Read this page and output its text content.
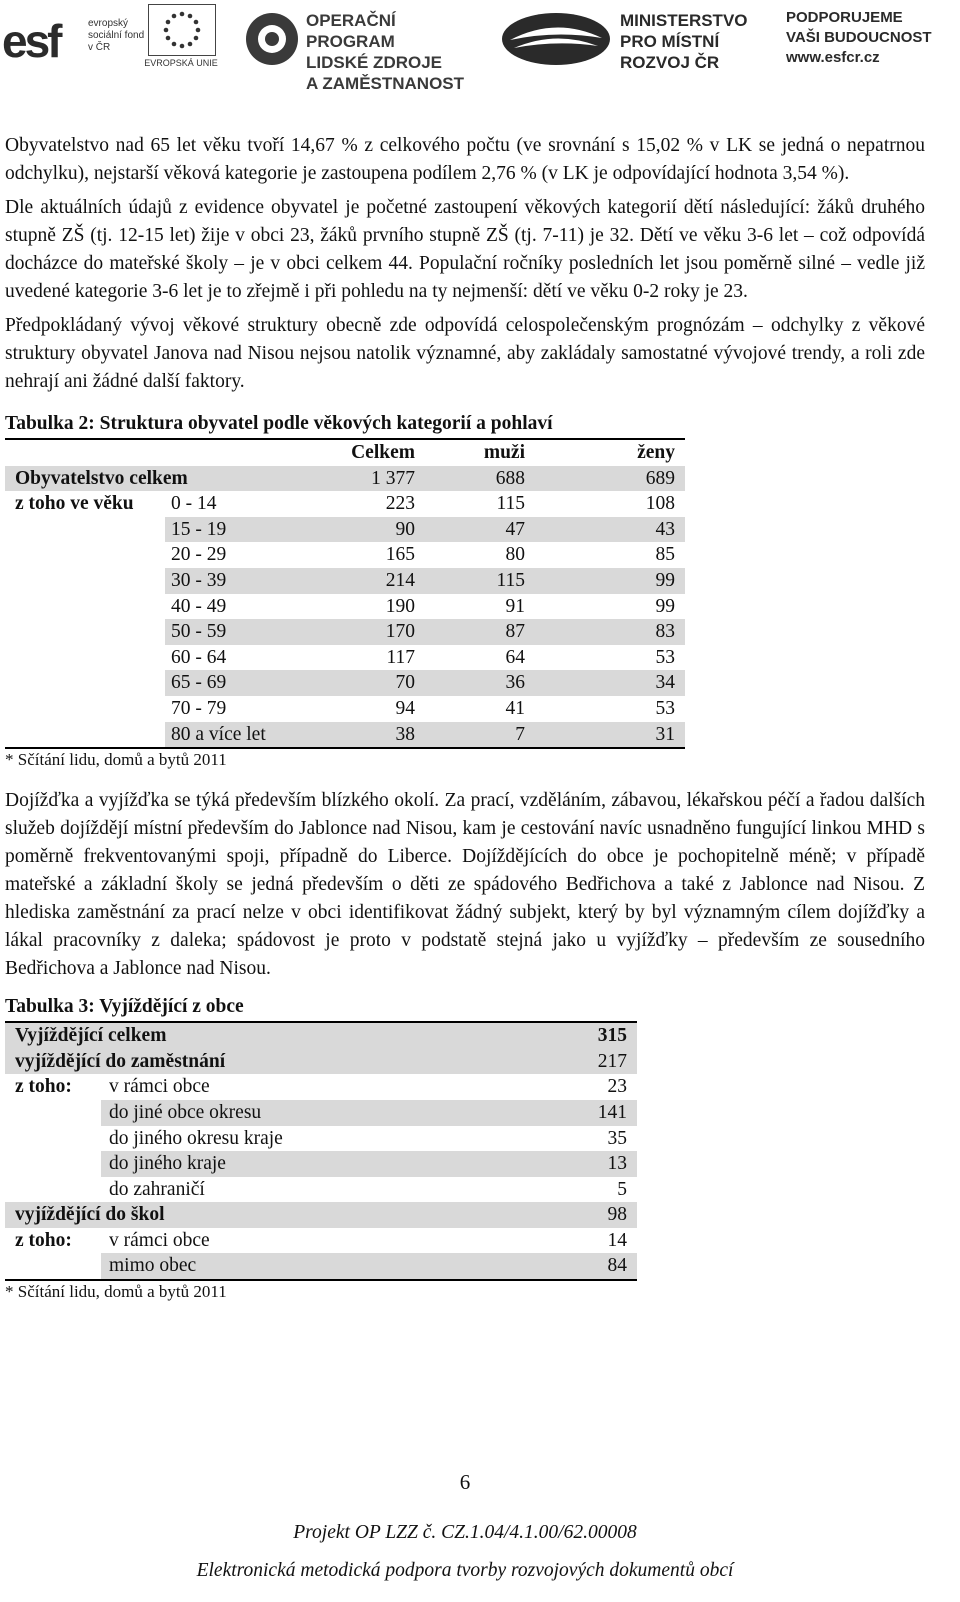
esf	evropský sociální fond v ČR
EVROPSKÁ UNIE
OPERAČNÍ PROGRAM
LIDSKÉ ZDROJE
A ZAMĚSTNANOST
MINISTERSTVO
PRO MÍSTNÍ
ROZVOJ ČR
PODPORUJEME
VAŠI BUDOUCNOST
www.esfcr.cz

Obyvatelstvo nad 65 let věku tvoří 14,67 % z celkového počtu (ve srovnání s 15,02 % v LK se jedná o nepatrnou odchylku), nejstarší věková kategorie je zastoupena podílem 2,76 % (v LK je odpovídající hodnota 3,54 %).

Dle aktuálních údajů z evidence obyvatel je početné zastoupení věkových kategorií dětí následující: žáků druhého stupně ZŠ (tj. 12-15 let) žije v obci 23, žáků prvního stupně ZŠ (tj. 7-11) je 32. Dětí ve věku 3-6 let – což odpovídá docházce do mateřské školy – je v obci celkem 44. Populační ročníky posledních let jsou poměrně silné – vedle již uvedené kategorie 3-6 let je to zřejmě i při pohledu na ty nejmenší: dětí ve věku 0-2 roky je 23.

Předpokládaný vývoj věkové struktury obecně zde odpovídá celospolečenským prognózám – odchylky z věkové struktury obyvatel Janova nad Nisou nejsou natolik významné, aby zakládaly samostatné vývojové trendy, a roli zde nehrají ani žádné další faktory.

Tabulka 2: Struktura obyvatel podle věkových kategorií a pohlaví
		Celkem	muži	ženy
Obyvatelstvo celkem		1 377	688	689
z toho ve věku	0 - 14	223	115	108
	15 - 19	90	47	43
	20 - 29	165	80	85
	30 - 39	214	115	99
	40 - 49	190	91	99
	50 - 59	170	87	83
	60 - 64	117	64	53
	65 - 69	70	36	34
	70 - 79	94	41	53
	80 a více let	38	7	31
* Sčítání lidu, domů a bytů 2011

Dojížďka a vyjížďka se týká především blízkého okolí. Za prací, vzděláním, zábavou, lékařskou péčí a řadou dalších služeb dojíždějí místní především do Jablonce nad Nisou, kam je cestování navíc usnadněno fungující linkou MHD s poměrně frekventovanými spoji, případně do Liberce. Dojíždějících do obce je pochopitelně méně; v případě mateřské a základní školy se jedná především o děti ze spádového Bedřichova a také z Jablonce nad Nisou. Z hlediska zaměstnání za prací nelze v obci identifikovat žádný subjekt, který by byl významným cílem dojížďky a lákal pracovníky z daleka; spádovost je proto v podstatě stejná jako u vyjížďky – především ze sousedního Bedřichova a Jablonce nad Nisou.

Tabulka 3: Vyjíždějící z obce
Vyjíždějící celkem		315
vyjíždějící do zaměstnání		217
z toho:	v rámci obce	23
	do jiné obce okresu	141
	do jiného okresu kraje	35
	do jiného kraje	13
	do zahraničí	5
vyjíždějící do škol		98
z toho:	v rámci obce	14
	mimo obec	84
* Sčítání lidu, domů a bytů 2011
6
Projekt OP LZZ č. CZ.1.04/4.1.00/62.00008
Elektronická metodická podpora tvorby rozvojových dokumentů obcí
